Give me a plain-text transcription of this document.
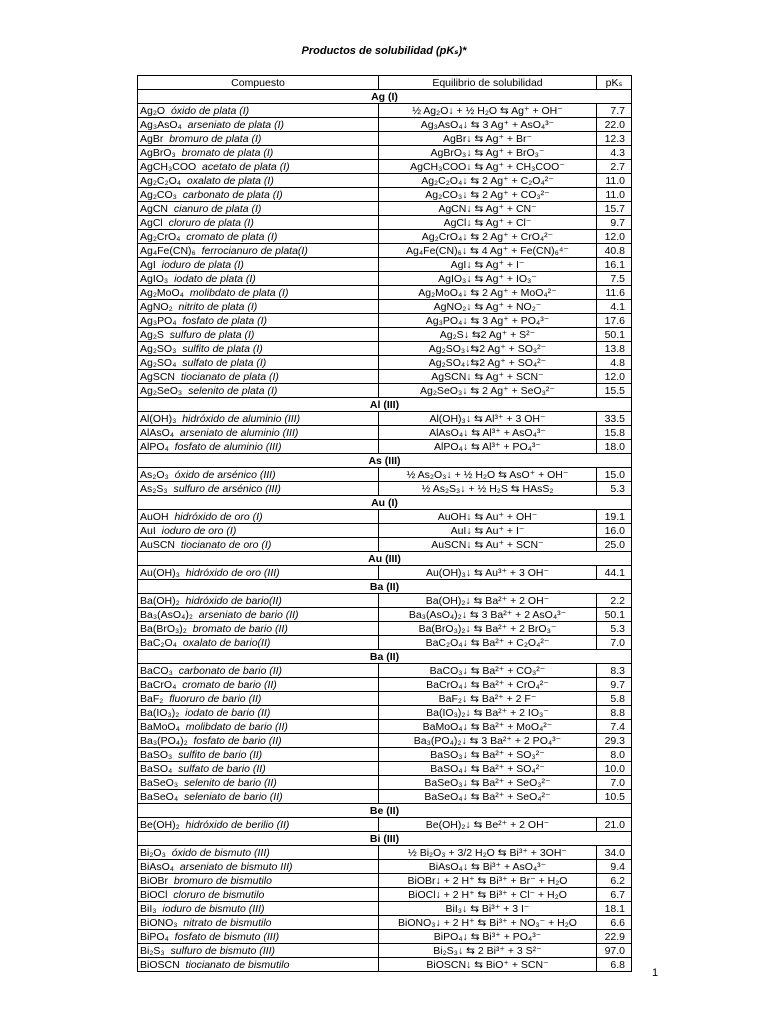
Productos de solubilidad (pKₛ)*
Compuesto	Equilibrio de solubilidad	pKₛ
Ag (I)		
Ag₂O óxido de plata (I)	½ Ag₂O↓ + ½ H₂O ⇆ Ag⁺ + OH⁻	7.7
Ag₃AsO₄ arseniato de plata (I)	Ag₃AsO₄↓ ⇆ 3 Ag⁺ + AsO₄³⁻	22.0
AgBr bromuro de plata (I)	AgBr↓ ⇆ Ag⁺ + Br⁻	12.3
AgBrO₃ bromato de plata (I)	AgBrO₃↓ ⇆ Ag⁺ + BrO₃⁻	4.3
AgCH₃COO acetato de plata (I)	AgCH₃COO↓ ⇆ Ag⁺ + CH₃COO⁻	2.7
Ag₂C₂O₄ oxalato de plata (I)	Ag₂C₂O₄↓ ⇆ 2 Ag⁺ + C₂O₄²⁻	11.0
Ag₂CO₃ carbonato de plata (I)	Ag₂CO₃↓ ⇆ 2 Ag⁺ + CO₃²⁻	11.0
AgCN cianuro de plata (I)	AgCN↓ ⇆ Ag⁺ + CN⁻	15.7
AgCl cloruro de plata (I)	AgCl↓ ⇆ Ag⁺ + Cl⁻	9.7
Ag₂CrO₄ cromato de plata (I)	Ag₂CrO₄↓ ⇆ 2 Ag⁺ + CrO₄²⁻	12.0
Ag₄Fe(CN)₆ ferrocianuro de plata(I)	Ag₄Fe(CN)₆↓ ⇆ 4 Ag⁺ + Fe(CN)₆⁴⁻	40.8
AgI ioduro de plata (I)	AgI↓ ⇆ Ag⁺ + I⁻	16.1
AgIO₃ iodato de plata (I)	AgIO₃↓ ⇆ Ag⁺ + IO₃⁻	7.5
Ag₂MoO₄ molibdato de plata (I)	Ag₂MoO₄↓ ⇆ 2 Ag⁺ + MoO₄²⁻	11.6
AgNO₂ nitrito de plata (I)	AgNO₂↓ ⇆ Ag⁺ + NO₂⁻	4.1
Ag₃PO₄ fosfato de plata (I)	Ag₃PO₄↓ ⇆ 3 Ag⁺ + PO₄³⁻	17.6
Ag₂S sulfuro de plata (I)	Ag₂S↓ ⇆2 Ag⁺ + S²⁻	50.1
Ag₂SO₃ sulfito de plata (I)	Ag₂SO₃↓⇆2 Ag⁺ + SO₃²⁻	13.8
Ag₂SO₄ sulfato de plata (I)	Ag₂SO₄↓⇆2 Ag⁺ + SO₄²⁻	4.8
AgSCN tiocianato de plata (I)	AgSCN↓ ⇆ Ag⁺ + SCN⁻	12.0
Ag₂SeO₃ selenito de plata (I)	Ag₂SeO₃↓ ⇆ 2 Ag⁺ + SeO₃²⁻	15.5
Al (III)		
Al(OH)₃ hidróxido de aluminio (III)	Al(OH)₃↓ ⇆ Al³⁺ + 3 OH⁻	33.5
AlAsO₄ arseniato de aluminio (III)	AlAsO₄↓ ⇆ Al³⁺ + AsO₄³⁻	15.8
AlPO₄ fosfato de aluminio (III)	AlPO₄↓ ⇆ Al³⁺ + PO₄³⁻	18.0
As (III)		
As₂O₃ óxido de arsénico (III)	½ As₂O₃↓ + ½ H₂O ⇆ AsO⁺ + OH⁻	15.0
As₂S₃ sulfuro de arsénico (III)	½ As₂S₃↓ + ½ H₂S ⇆ HAsS₂	5.3
Au (I)		
AuOH hidróxido de oro (I)	AuOH↓ ⇆ Au⁺ + OH⁻	19.1
AuI ioduro de oro (I)	AuI↓ ⇆ Au⁺ + I⁻	16.0
AuSCN tiocianato de oro (I)	AuSCN↓ ⇆ Au⁺ + SCN⁻	25.0
Au (III)		
Au(OH)₃ hidróxido de oro (III)	Au(OH)₃↓ ⇆ Au³⁺ + 3 OH⁻	44.1
Ba (II)		
Ba(OH)₂ hidróxido de bario(II)	Ba(OH)₂↓ ⇆ Ba²⁺ + 2 OH⁻	2.2
Ba₃(AsO₄)₂ arseniato de bario (II)	Ba₃(AsO₄)₂↓ ⇆ 3 Ba²⁺ + 2 AsO₄³⁻	50.1
Ba(BrO₃)₂ bromato de bario (II)	Ba(BrO₃)₂↓ ⇆ Ba²⁺ + 2 BrO₃⁻	5.3
BaC₂O₄ oxalato de bario(II)	BaC₂O₄↓ ⇆ Ba²⁺ + C₂O₄²⁻	7.0
Ba (II)		
BaCO₃ carbonato de bario (II)	BaCO₃↓ ⇆ Ba²⁺ + CO₃²⁻	8.3
BaCrO₄ cromato de bario (II)	BaCrO₄↓ ⇆ Ba²⁺ + CrO₄²⁻	9.7
BaF₂ fluoruro de bario (II)	BaF₂↓ ⇆ Ba²⁺ + 2 F⁻	5.8
Ba(IO₃)₂ iodato de bario (II)	Ba(IO₃)₂↓ ⇆ Ba²⁺ + 2 IO₃⁻	8.8
BaMoO₄ molibdato de bario (II)	BaMoO₄↓ ⇆ Ba²⁺ + MoO₄²⁻	7.4
Ba₃(PO₄)₂ fosfato de bario (II)	Ba₃(PO₄)₂↓ ⇆ 3 Ba²⁺ + 2 PO₄³⁻	29.3
BaSO₃ sulfito de bario (II)	BaSO₃↓ ⇆ Ba²⁺ + SO₃²⁻	8.0
BaSO₄ sulfato de bario (II)	BaSO₄↓ ⇆ Ba²⁺ + SO₄²⁻	10.0
BaSeO₃ selenito de bario (II)	BaSeO₃↓ ⇆ Ba²⁺ + SeO₃²⁻	7.0
BaSeO₄ seleniato de bario (II)	BaSeO₄↓ ⇆ Ba²⁺ + SeO₄²⁻	10.5
Be (II)		
Be(OH)₂ hidróxido de berilio (II)	Be(OH)₂↓ ⇆ Be²⁺ + 2 OH⁻	21.0
Bi (III)		
Bi₂O₃ óxido de bismuto (III)	½ Bi₂O₃ + 3/2 H₂O ⇆ Bi³⁺ + 3OH⁻	34.0
BiAsO₄ arseniato de bismuto III)	BiAsO₄↓ ⇆ Bi³⁺ + AsO₄³⁻	9.4
BiOBr bromuro de bismutilo	BiOBr↓ + 2 H⁺ ⇆ Bi³⁺ + Br⁻ + H₂O	6.2
BiOCl cloruro de bismutilo	BiOCl↓ + 2 H⁺ ⇆ Bi³⁺ + Cl⁻ + H₂O	6.7
BiI₃ ioduro de bismuto (III)	BiI₃↓ ⇆ Bi³⁺ + 3 I⁻	18.1
BiONO₃ nitrato de bismutilo	BiONO₃↓ + 2 H⁺ ⇆ Bi³⁺ + NO₃⁻ + H₂O	6.6
BiPO₄ fosfato de bismuto (III)	BiPO₄↓ ⇆ Bi³⁺ + PO₄³⁻	22.9
Bi₂S₃ sulfuro de bismuto (III)	Bi₂S₃↓ ⇆ 2 Bi³⁺ + 3 S²⁻	97.0
BiOSCN tiocianato de bismutilo	BiOSCN↓ ⇆ BiO⁺ + SCN⁻	6.8
1
